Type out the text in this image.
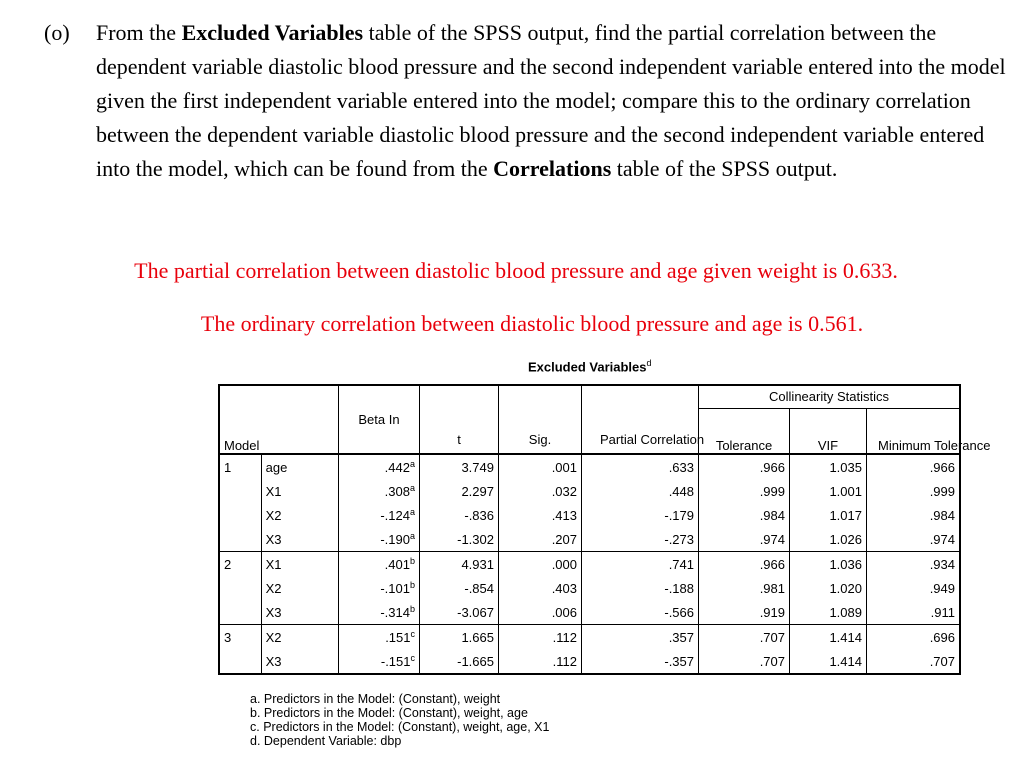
(o) From the Excluded Variables table of the SPSS output, find the partial correlation between the dependent variable diastolic blood pressure and the second independent variable entered into the model given the first independent variable entered into the model; compare this to the ordinary correlation between the dependent variable diastolic blood pressure and the second independent variable entered into the model, which can be found from the Correlations table of the SPSS output.
The partial correlation between diastolic blood pressure and age given weight is 0.633.
The ordinary correlation between diastolic blood pressure and age is 0.561.
Excluded Variables$^d$
Model		Beta In	t	Sig.	Partial Correlation	Collinearity Statistics		
						Tolerance	VIF	Minimum Tolerance
1	age	.442$^a$	3.749	.001	.633	.966	1.035	.966
	X1	.308$^a$	2.297	.032	.448	.999	1.001	.999
	X2	-.124$^a$	-.836	.413	-.179	.984	1.017	.984
	X3	-.190$^a$	-1.302	.207	-.273	.974	1.026	.974
2	X1	.401$^b$	4.931	.000	.741	.966	1.036	.934
	X2	-.101$^b$	-.854	.403	-.188	.981	1.020	.949
	X3	-.314$^b$	-3.067	.006	-.566	.919	1.089	.911
3	X2	.151$^c$	1.665	.112	.357	.707	1.414	.696
	X3	-.151$^c$	-1.665	.112	-.357	.707	1.414	.707
a. Predictors in the Model: (Constant), weight
b. Predictors in the Model: (Constant), weight, age
c. Predictors in the Model: (Constant), weight, age, X1
d. Dependent Variable: dbp
